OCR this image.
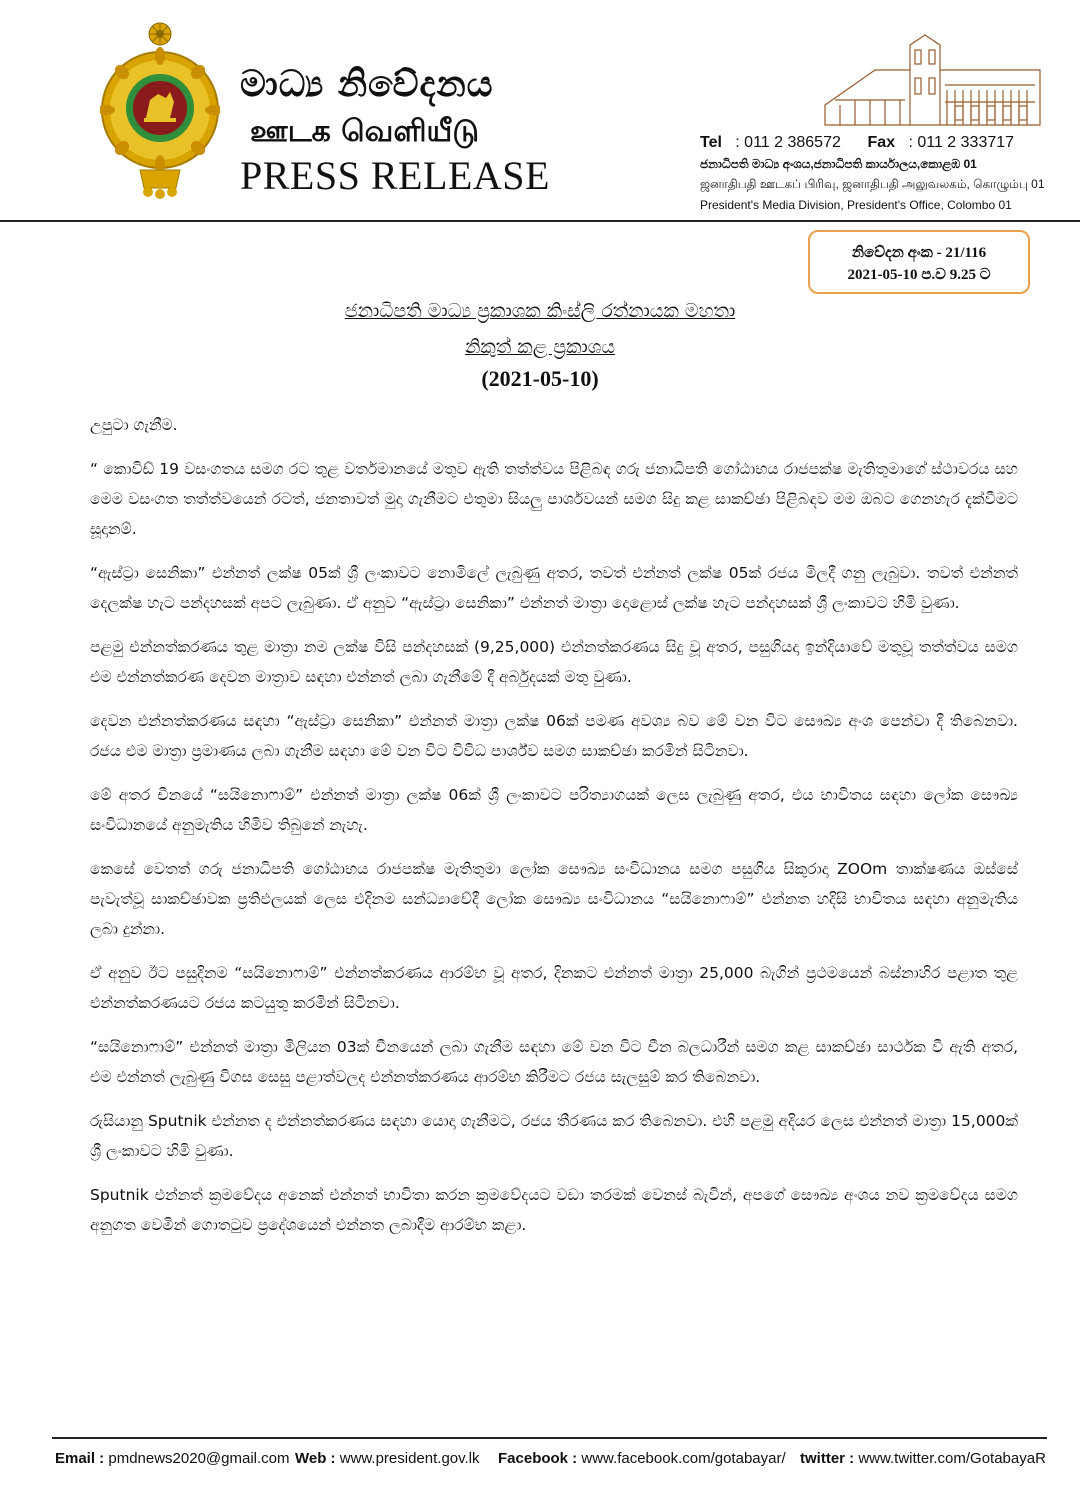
මාධ්‍ය නිවේදනය
ஊடக வெளியீடு
PRESS RELEASE
Tel : 011 2 386572 Fax : 011 2 333717
ජනාධිපති මාධ්‍ය අංශය,ජනාධිපති කාර්යාලය,කොළඹ 01
ஜனாதிபதி ஊடகப் பிரிவு, ஜனாதிபதி அலுவலகம், கொழும்பு 01
President's Media Division, President's Office, Colombo 01
නිවේදන අංක - 21/116
2021-05-10 ප.ව 9.25 ට
ජනාධිපති මාධ්‍ය ප්‍රකාශක කිංස්ලි රත්නායක මහතා
නිකුත් කළ ප්‍රකාශය
(2021-05-10)

උපුටා ගැනීම.

“ කොවිඩ් 19 වසංගතය සමග රට තුළ වර්තමානයේ මතුව ඇති තත්ත්වය පිළිබඳ ගරු ජනාධිපති ගෝඨාභය රාජපක්ෂ මැතිතුමාගේ ස්ථාවරය සහ මෙම වසංගත තත්ත්වයෙන් රටත්, ජනතාවත් මුදා ගැනීමට එතුමා සියලු පාර්ශවයන් සමග සිදු කළ සාකච්ඡා පිළිබඳව මම ඔබට ගෙනහැර දැක්වීමට සූදානම්.

“ඇස්ට්‍රා සෙනිකා” එන්නත් ලක්ෂ 05ක් ශ්‍රී ලංකාවට නොමිලේ ලැබුණු අතර, තවත් එන්නත් ලක්ෂ 05ක් රජය මිලදී ගනු ලැබුවා. තවත් එන්නත් දෙලක්ෂ හැට පන්දහසක් අපට ලැබුණා. ඒ අනුව “ඇස්ට්‍රා සෙනිකා” එන්නත් මාත්‍රා දොළොස් ලක්ෂ හැට පන්දහසක් ශ්‍රී ලංකාවට හිමි වුණා.

පළමු එන්නත්කරණය තුළ මාත්‍රා නම ලක්ෂ විසි පන්දහසක් (9,25,000) එන්නත්කරණය සිදු වූ අතර, පසුගියදා ඉන්දියාවේ මතුවූ තත්ත්වය සමග එම එන්නත්කරණ දෙවන මාත්‍රාව සඳහා එන්නත් ලබා ගැනීමේ දී අර්බුදයක් මතු වුණා.

දෙවන එන්නත්කරණය සඳහා “ඇස්ට්‍රා සෙනිකා” එන්නත් මාත්‍රා ලක්ෂ 06ක් පමණ අවශ්‍ය බව මේ වන විට සෞඛ්‍ය අංශ පෙන්වා දී තිබෙනවා. රජය එම මාත්‍රා ප්‍රමාණය ලබා ගැනීම සඳහා මේ වන විට විවිධ පාර්ශ්ව සමග සාකච්ඡා කරමින් සිටිනවා.

මේ අතර චීනයේ “සයිනොෆාම්” එන්නත් මාත්‍රා ලක්ෂ 06ක් ශ්‍රී ලංකාවට පරිත්‍යාගයක් ලෙස ලැබුණු අතර, එය භාවිතය සඳහා ලෝක සෞඛ්‍ය සංවිධානයේ අනුමැතිය හිමිව තිබුනේ නැහැ.

කෙසේ වෙතත් ගරු ජනාධිපති ගෝඨාභය රාජපක්ෂ මැතිතුමා ලෝක සෞඛ්‍ය සංවිධානය සමග පසුගිය සිකුරාදා ZOOm තාක්ෂණය ඔස්සේ පැවැත්වූ සාකච්ඡාවක ප්‍රතිඵලයක් ලෙස එදිනම සන්ධ්‍යාවේදී ලෝක සෞඛ්‍ය සංවිධානය “සයිනොෆාම්” එන්නත හදිසි භාවිතය සඳහා අනුමැතිය ලබා දුන්නා.

ඒ අනුව ඊට පසුදිනම “සයිනොෆාම්” එන්නත්කරණය ආරම්භ වූ අතර, දිනකට එන්නත් මාත්‍රා 25,000 බැගින් ප්‍රථමයෙන් බස්නාහිර පළාත තුළ එන්නත්කරණයට රජය කටයුතු කරමින් සිටිනවා.

“සයිනොෆාම්” එන්නත් මාත්‍රා මිලියන 03ක් චීනයෙන් ලබා ගැනීම සඳහා මේ වන විට චීන බලධාරීන් සමග කළ සාකච්ඡා සාර්ථක වී ඇති අතර, එම එන්නත් ලැබුණු විගස සෙසු පළාත්වලද එන්නත්කරණය ආරම්භ කිරීමට රජය සැලසුම් කර තිබෙනවා.

රුසියානු Sputnik එන්නත ද එන්නත්කරණය සඳහා යොදා ගැනීමට, රජය තීරණය කර තිබෙනවා. එහි පළමු අදියර ලෙස එන්නත් මාත්‍රා 15,000ක් ශ්‍රී ලංකාවට හිමි වුණා.

Sputnik එන්නත් ක්‍රමවේදය අනෙක් එන්නත් භාවිතා කරන ක්‍රමවේදයට වඩා තරමක් වෙනස් බැවින්, අපගේ සෞඛ්‍ය අංශය නව ක්‍රමවේදය සමග අනුගත වෙමින් ගොතටුව ප්‍රදේශයෙන් එන්නත ලබාදීම ආරම්භ කළා.

Email : pmdnews2020@gmail.com Web : www.president.gov.lk Facebook : www.facebook.com/gotabayar/ twitter : www.twitter.com/GotabayaR
